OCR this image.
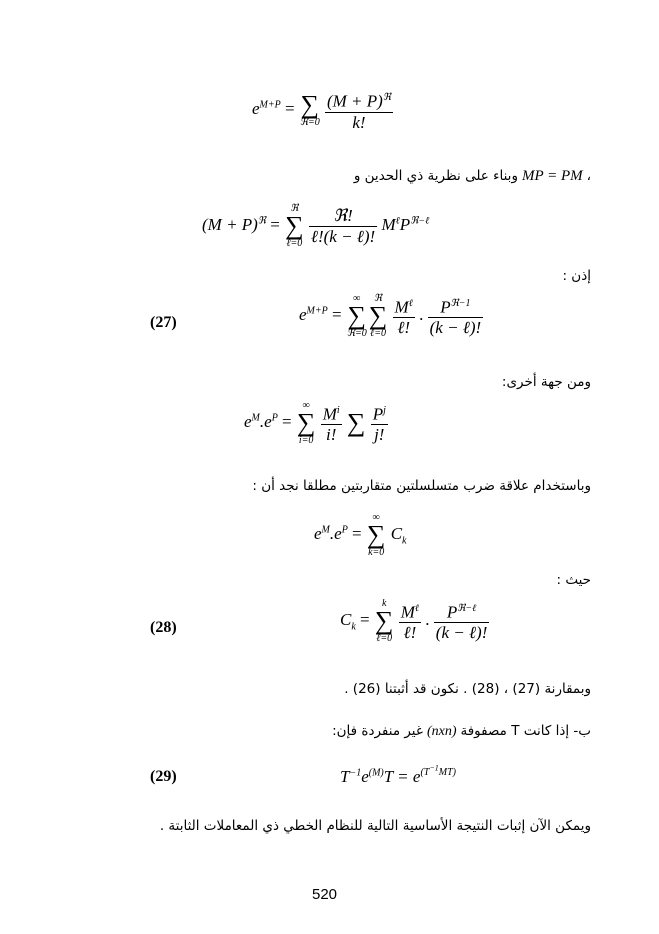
$e^{M+P}$ = ∑
ℜ=0
$\frac{(M + P)^ℜ}{k!}$
وبناء على نظرية ذي الحدين و MP = PM ،
$(M + P)^ℜ$ =
ℜ
∑
ℓ=0
$\frac{\text{ℜ!}}{\text{ℓ!(k − ℓ)!}} M^\ell P^{ℜ-\ell}$
إذن :
(27)	$e^{M+P}$ =
∞
∑
ℜ=0
ℜ
∑
ℓ=0
$\frac{M^\ell}{\text{ℓ!}}$ . $\frac{P^{ℜ-1}}{\text{(k − ℓ)!}}$
ومن جهة أخرى:
$e^M.e^P$ =
∞
∑
i=0
$\frac{M^i}{i!}$

∑

$\frac{P^j}{j!}$
وباستخدام علاقة ضرب متسلسلتين متقاربتين مطلقا نجد أن :
$e^M.e^P$ =
∞
∑
k=0
$C_k$
حيث :
(28)	$C_k$ =
k
∑
ℓ=0
$\frac{M^\ell}{\text{ℓ!}}$ . $\frac{P^{ℜ-\ell}}{\text{(k − ℓ)!}}$
وبمقارنة (27) ، (28) . نكون قد أثبتنا (26) .
غير منفردة فإن: (nxn) ب- إذا كانت T مصفوفة
(29)	$T^{-1}e^{(M)}T = e^{(T^{-1}MT)}$
ويمكن الآن إثبات النتيجة الأساسية التالية للنظام الخطي ذي المعاملات الثابتة .
520
